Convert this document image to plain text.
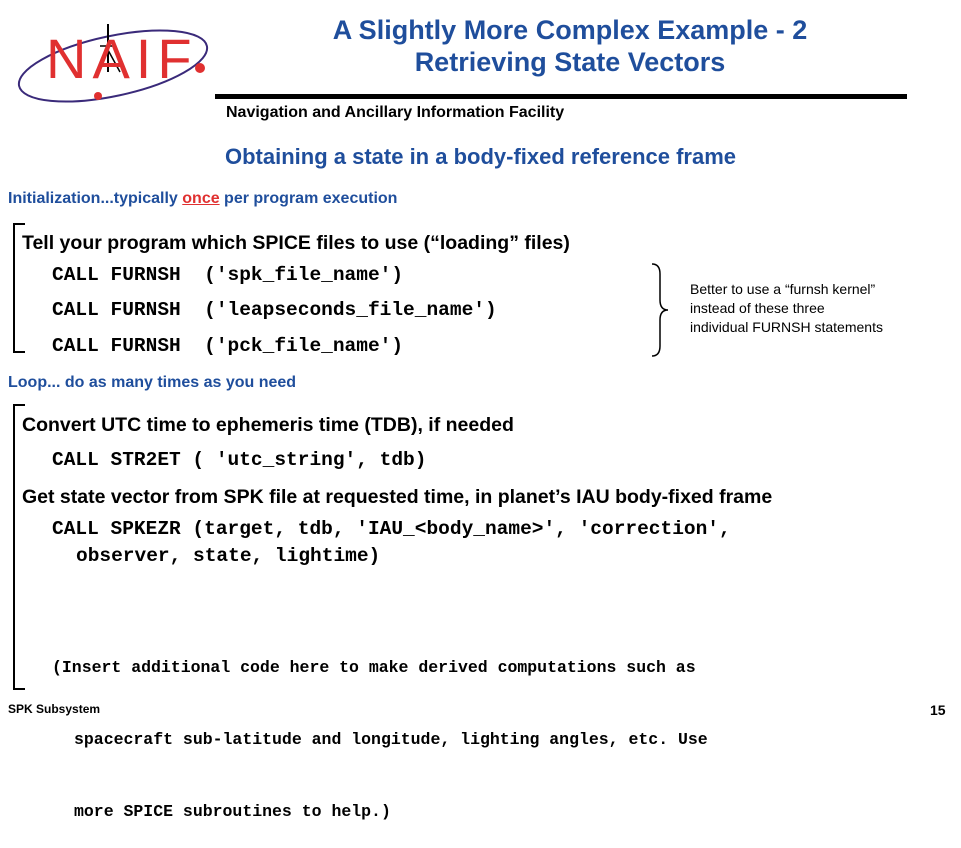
NAIF	A Slightly More Complex Example - 2
Retrieving State Vectors
Navigation and Ancillary Information Facility
Obtaining a state in a body-fixed reference frame
Initialization...typically once per program execution
Tell your program which SPICE files to use (“loading” files)
CALL FURNSH  ('spk_file_name')
CALL FURNSH  ('leapseconds_file_name')
CALL FURNSH  ('pck_file_name')
Better to use a “furnsh kernel”
instead of these three
individual FURNSH statements
Loop... do as many times as you need
Convert UTC time to ephemeris time (TDB), if needed
CALL STR2ET ( 'utc_string', tdb)
Get state vector from SPK file at requested time, in planet’s IAU body-fixed frame
CALL SPKEZR (target, tdb, 'IAU_<body_name>', 'correction',
observer, state, lightime)

(Insert additional code here to make derived computations such as

spacecraft sub-latitude and longitude, lighting angles, etc. Use

more SPICE subroutines to help.)

SPK Subsystem	15
